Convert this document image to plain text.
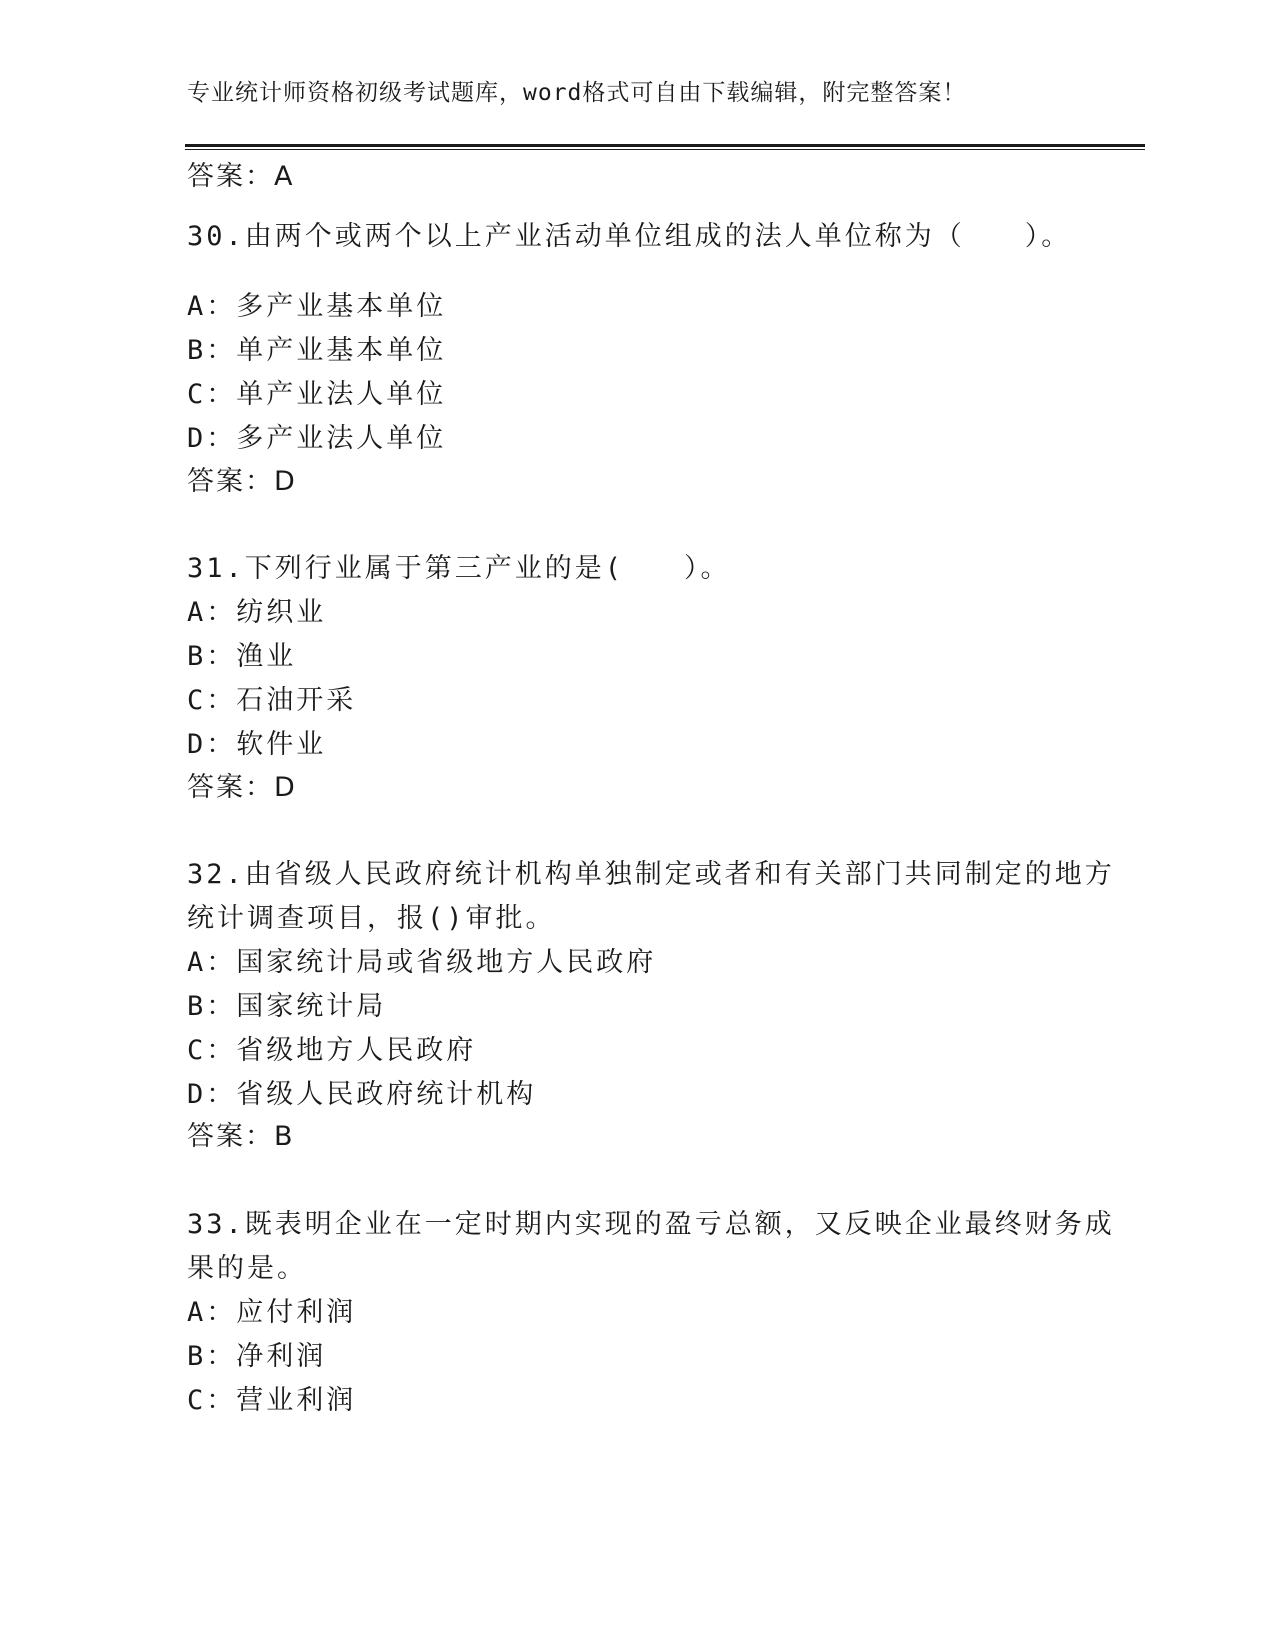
专业统计师资格初级考试题库，word格式可自由下载编辑，附完整答案！
答案：A
30.由两个或两个以上产业活动单位组成的法人单位称为（　　）。
A：多产业基本单位
B：单产业基本单位
C：单产业法人单位
D：多产业法人单位
答案：D
31.下列行业属于第三产业的是(　　）。
A：纺织业
B：渔业
C：石油开采
D：软件业
答案：D
32.由省级人民政府统计机构单独制定或者和有关部门共同制定的地方
统计调查项目，报()审批。
A：国家统计局或省级地方人民政府
B：国家统计局
C：省级地方人民政府
D：省级人民政府统计机构
答案：B
33.既表明企业在一定时期内实现的盈亏总额，又反映企业最终财务成
果的是。
A：应付利润
B：净利润
C：营业利润
